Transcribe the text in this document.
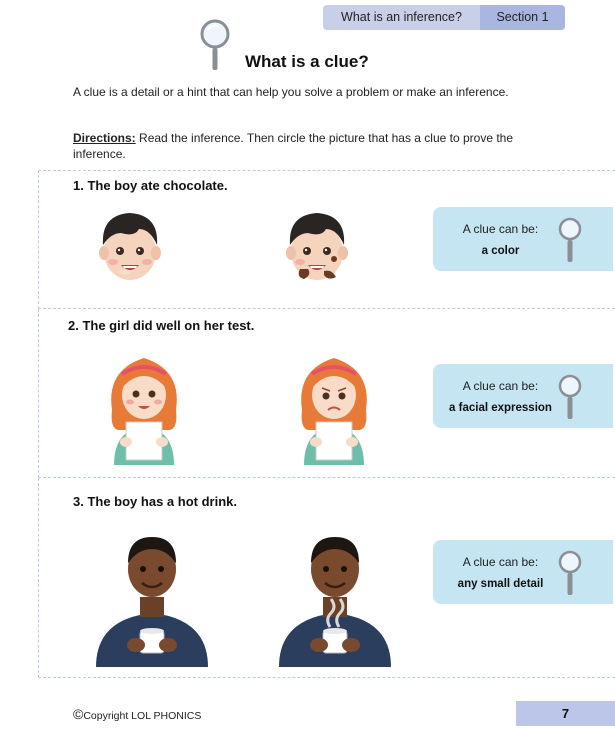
What is an inference?	Section 1
What is a clue?
A clue is a detail or a hint that can help you solve a problem or make an inference.
Directions: Read the inference. Then circle the picture that has a clue to prove the inference.
1. The boy ate chocolate.
A clue can be:
a color
2. The girl did well on her test.
A clue can be:
a facial expression
3. The boy has a hot drink.
A clue can be:
any small detail
©Copyright LOL PHONICS	7
